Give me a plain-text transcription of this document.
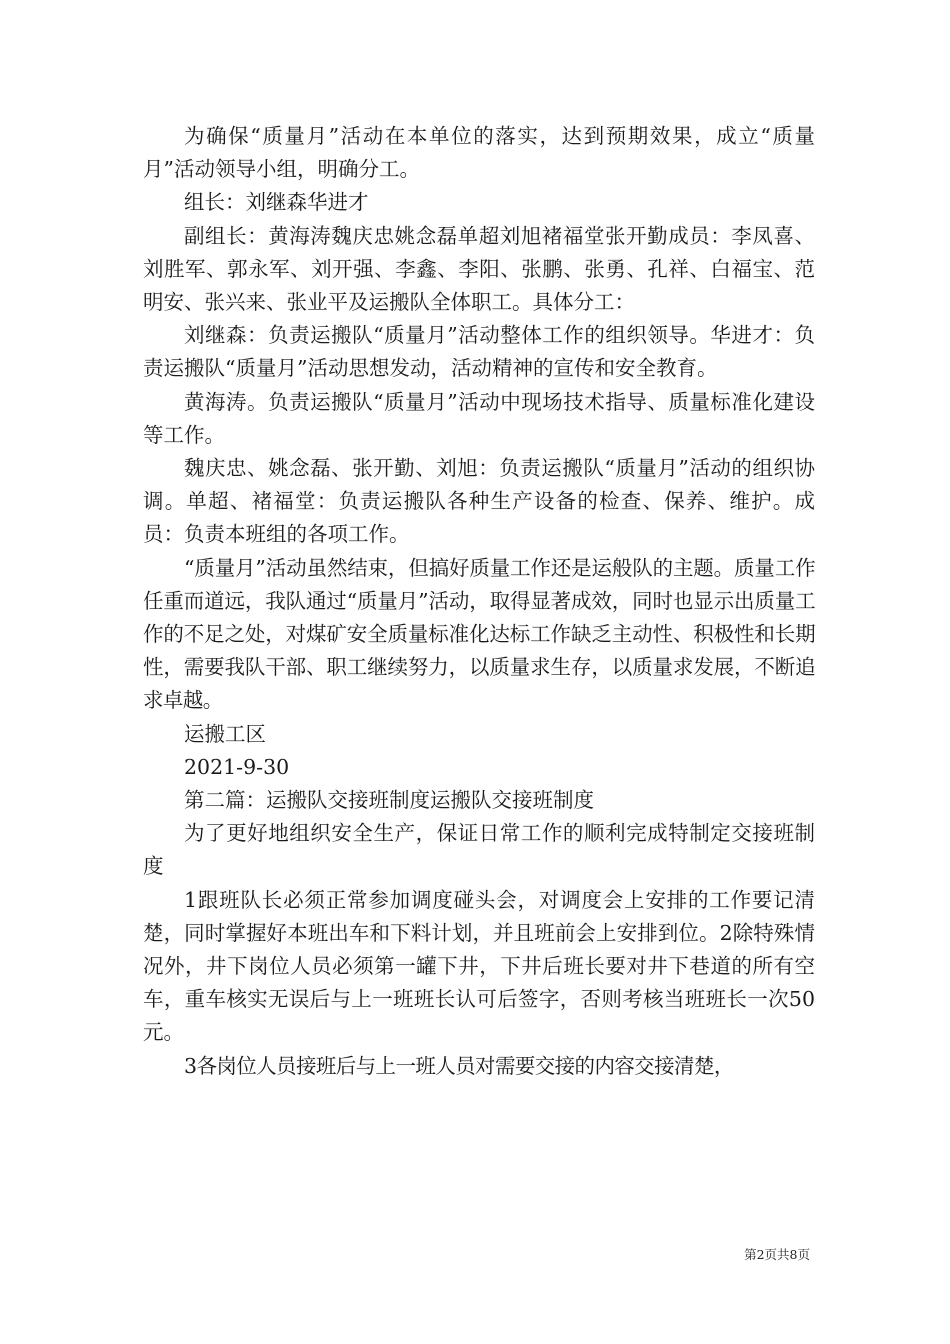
为确保“质量月”活动在本单位的落实，达到预期效果，成立“质量月”活动领导小组，明确分工。

组长：刘继森华进才

副组长：黄海涛魏庆忠姚念磊单超刘旭褚福堂张开勤成员：李凤喜、刘胜军、郭永军、刘开强、李鑫、李阳、张鹏、张勇、孔祥、白福宝、范明安、张兴来、张业平及运搬队全体职工。具体分工：

刘继森：负责运搬队“质量月”活动整体工作的组织领导。华进才：负责运搬队“质量月”活动思想发动，活动精神的宣传和安全教育。

黄海涛。负责运搬队“质量月”活动中现场技术指导、质量标准化建设等工作。

魏庆忠、姚念磊、张开勤、刘旭：负责运搬队“质量月”活动的组织协调。单超、褚福堂：负责运搬队各种生产设备的检查、保养、维护。成员：负责本班组的各项工作。

“质量月”活动虽然结束，但搞好质量工作还是运般队的主题。质量工作任重而道远，我队通过“质量月”活动，取得显著成效，同时也显示出质量工作的不足之处，对煤矿安全质量标准化达标工作缺乏主动性、积极性和长期性，需要我队干部、职工继续努力，以质量求生存，以质量求发展，不断追求卓越。

运搬工区

2021-9-30

第二篇：运搬队交接班制度运搬队交接班制度

为了更好地组织安全生产，保证日常工作的顺利完成特制定交接班制度

1跟班队长必须正常参加调度碰头会，对调度会上安排的工作要记清楚，同时掌握好本班出车和下料计划，并且班前会上安排到位。2除特殊情况外，井下岗位人员必须第一罐下井，下井后班长要对井下巷道的所有空车，重车核实无误后与上一班班长认可后签字，否则考核当班班长一次50元。

3各岗位人员接班后与上一班人员对需要交接的内容交接清楚，

第2页共8页
